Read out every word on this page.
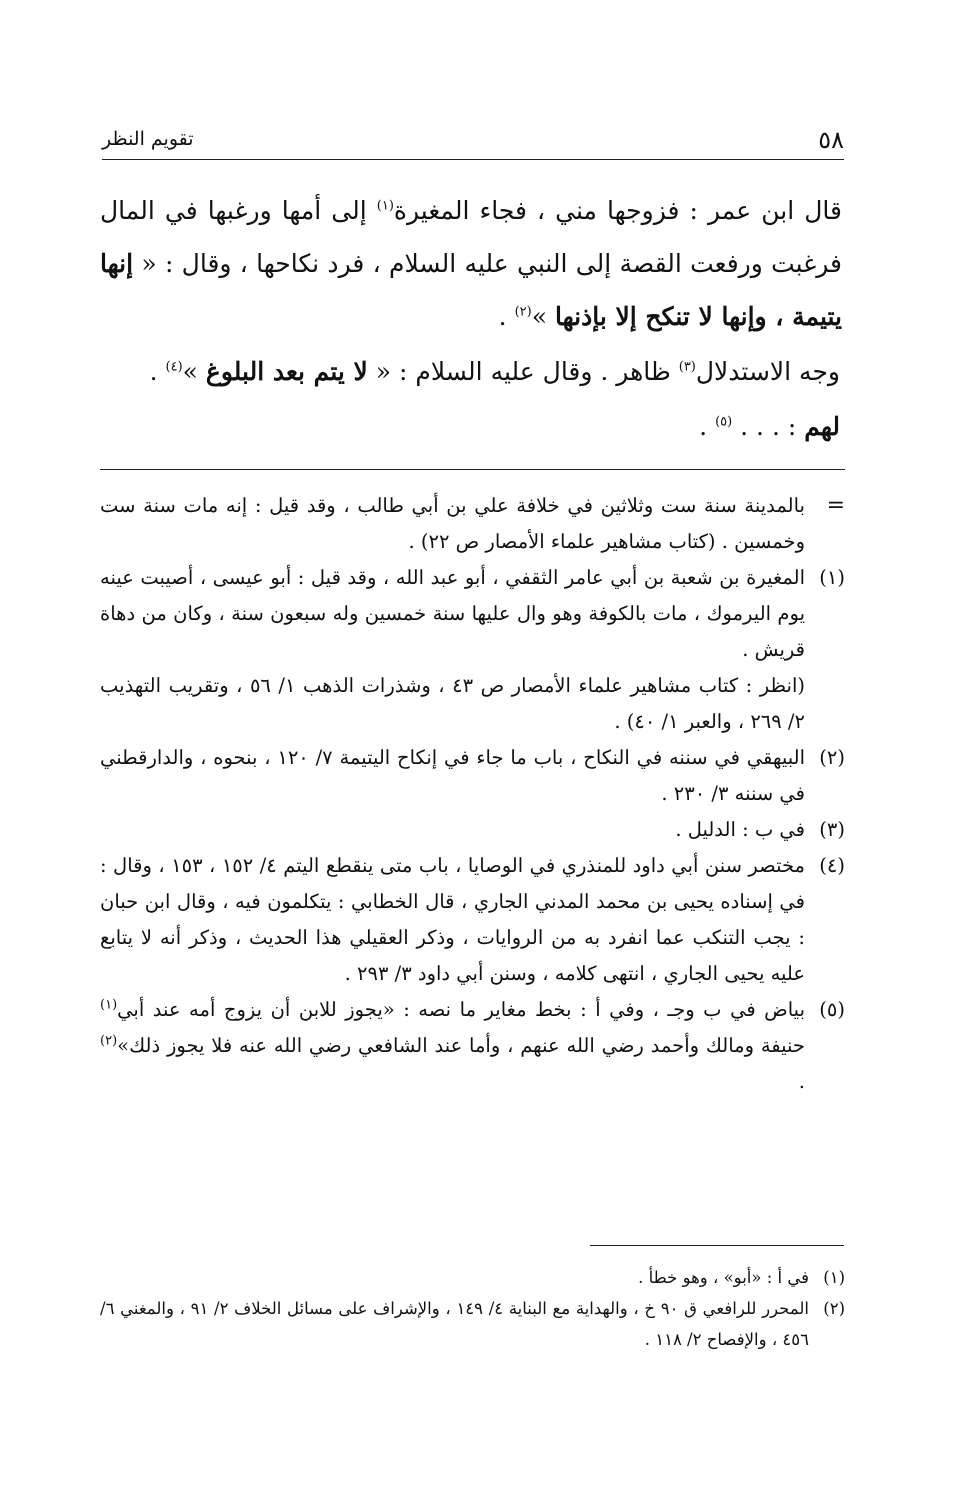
٥٨
تقويم النظر

قال ابن عمر : فزوجها مني ، فجاء المغيرة$^{(١)}$ إلى أمها ورغبها في المال فرغبت ورفعت القصة إلى النبي عليه السلام ، فرد نكاحها ، وقال : « إنها يتيمة ، وإنها لا تنكح إلا بإذنها »$^{(٢)}$ .

وجه الاستدلال$^{(٣)}$ ظاهر . وقال عليه السلام : « لا يتم بعد البلوغ »$^{(٤)}$ .

لهم : . . . $^{(٥)}$ .

=
بالمدينة سنة ست وثلاثين في خلافة علي بن أبي طالب ، وقد قيل : إنه مات سنة ست وخمسين . (كتاب مشاهير علماء الأمصار ص ٢٢) .
(١)
المغيرة بن شعبة بن أبي عامر الثقفي ، أبو عبد الله ، وقد قيل : أبو عيسى ، أصيبت عينه يوم اليرموك ، مات بالكوفة وهو وال عليها سنة خمسين وله سبعون سنة ، وكان من دهاة قريش .
(انظر : كتاب مشاهير علماء الأمصار ص ٤٣ ، وشذرات الذهب ١/ ٥٦ ، وتقريب التهذيب ٢/ ٢٦٩ ، والعبر ١/ ٤٠) .
(٢)
البيهقي في سننه في النكاح ، باب ما جاء في إنكاح اليتيمة ٧/ ١٢٠ ، بنحوه ، والدارقطني في سننه ٣/ ٢٣٠ .
(٣)
في ب : الدليل .
(٤)
مختصر سنن أبي داود للمنذري في الوصايا ، باب متى ينقطع اليتم ٤/ ١٥٢ ، ١٥٣ ، وقال : في إسناده يحيى بن محمد المدني الجاري ، قال الخطابي : يتكلمون فيه ، وقال ابن حبان : يجب التنكب عما انفرد به من الروايات ، وذكر العقيلي هذا الحديث ، وذكر أنه لا يتابع عليه يحيى الجاري ، انتهى كلامه ، وسنن أبي داود ٣/ ٢٩٣ .
(٥)
بياض في ب وجـ ، وفي أ : بخط مغاير ما نصه : «يجوز للابن أن يزوج أمه عند أبي$^{(١)}$ حنيفة ومالك وأحمد رضي الله عنهم ، وأما عند الشافعي رضي الله عنه فلا يجوز ذلك»$^{(٢)}$ .
(١)
في أ : «أبو» ، وهو خطأ .
(٢)
المحرر للرافعي ق ٩٠ خ ، والهداية مع البناية ٤/ ١٤٩ ، والإشراف على مسائل الخلاف ٢/ ٩١ ، والمغني ٦/ ٤٥٦ ، والإفصاح ٢/ ١١٨ .
